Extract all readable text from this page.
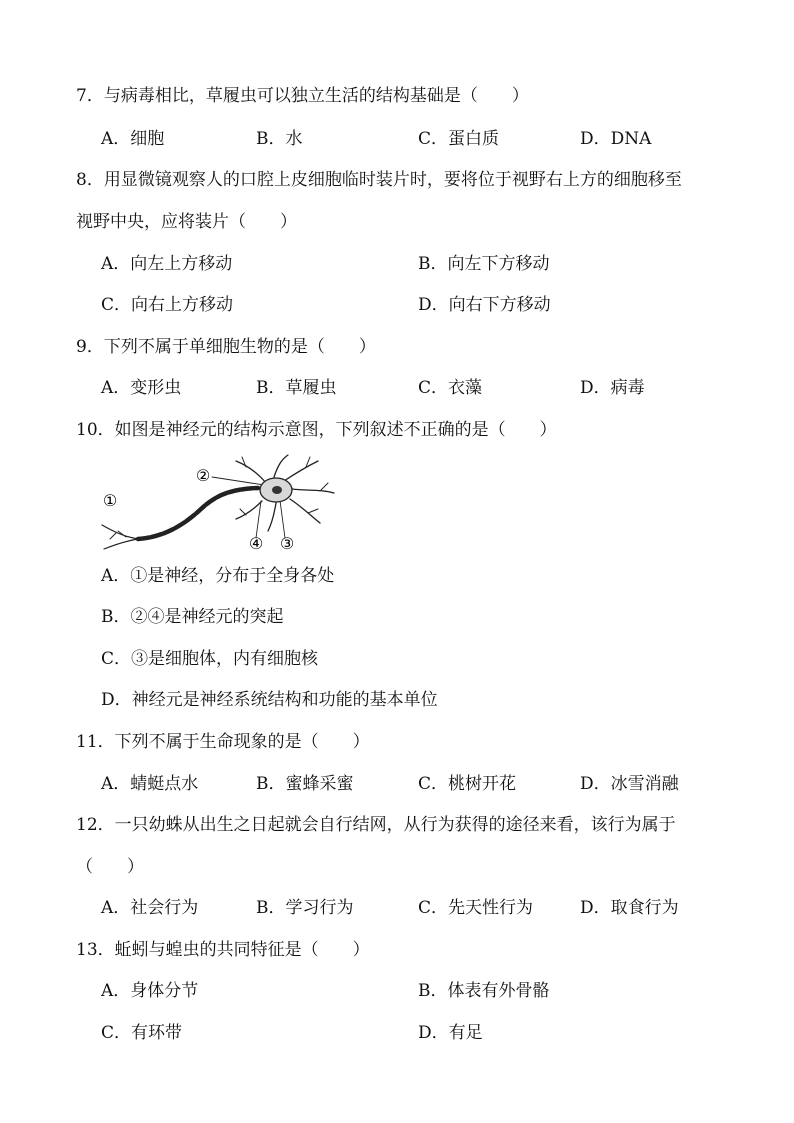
7．与病毒相比，草履虫可以独立生活的结构基础是（　　）
A．细胞	B．水	C．蛋白质	D．DNA
8．用显微镜观察人的口腔上皮细胞临时装片时，要将位于视野右上方的细胞移至
视野中央，应将装片（　　）
A．向左上方移动	B．向左下方移动
C．向右上方移动	D．向右下方移动
9．下列不属于单细胞生物的是（　　）
A．变形虫	B．草履虫	C．衣藻	D．病毒
10．如图是神经元的结构示意图，下列叙述不正确的是（　　）
①
②
④ ③
A．①是神经，分布于全身各处
B．②④是神经元的突起
C．③是细胞体，内有细胞核
D．神经元是神经系统结构和功能的基本单位
11．下列不属于生命现象的是（　　）
A．蜻蜓点水	B．蜜蜂采蜜	C．桃树开花	D．冰雪消融
12．一只幼蛛从出生之日起就会自行结网，从行为获得的途径来看，该行为属于
（　　）
A．社会行为	B．学习行为	C．先天性行为	D．取食行为
13．蚯蚓与蝗虫的共同特征是（　　）
A．身体分节	B．体表有外骨骼
C．有环带	D．有足
